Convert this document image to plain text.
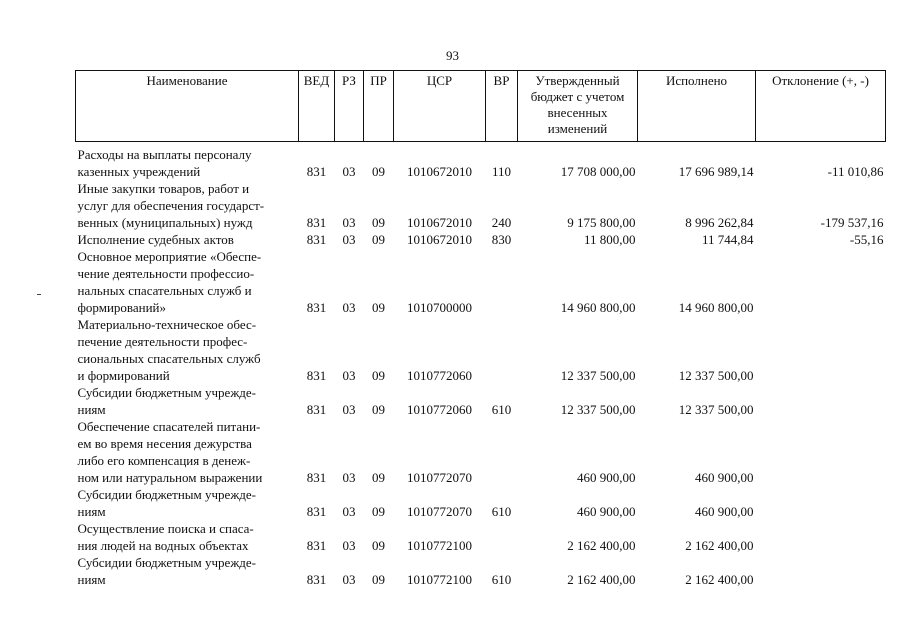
93
Наименование	ВЕД	РЗ	ПР	ЦСР	ВР	Утвержденный бюджет с учетом внесенных изменений	Исполнено	Отклонение (+, -)

Расходы на выплаты персоналу
казенных учреждений	831	03	09	1010672010	110	17 708 000,00	17 696 989,14	-11 010,86

Иные закупки товаров, работ и
услуг для обеспечения государст-
венных (муниципальных) нужд	831	03	09	1010672010	240	9 175 800,00	8 996 262,84	-179 537,16

Исполнение судебных актов	831	03	09	1010672010	830	11 800,00	11 744,84	-55,16

Основное мероприятие «Обеспе-
чение деятельности профессио-
нальных спасательных служб и
формирований»	831	03	09	1010700000		14 960 800,00	14 960 800,00	

Материально-техническое обес-
печение деятельности профес-
сиональных спасательных служб
и формирований	831	03	09	1010772060		12 337 500,00	12 337 500,00	

Субсидии бюджетным учрежде-
ниям	831	03	09	1010772060	610	12 337 500,00	12 337 500,00	

Обеспечение спасателей питани-
ем во время несения дежурства
либо его компенсация в денеж-
ном или натуральном выражении	831	03	09	1010772070		460 900,00	460 900,00	

Субсидии бюджетным учрежде-
ниям	831	03	09	1010772070	610	460 900,00	460 900,00	

Осуществление поиска и спаса-
ния людей на водных объектах	831	03	09	1010772100		2 162 400,00	2 162 400,00	

Субсидии бюджетным учрежде-
ниям	831	03	09	1010772100	610	2 162 400,00	2 162 400,00	
